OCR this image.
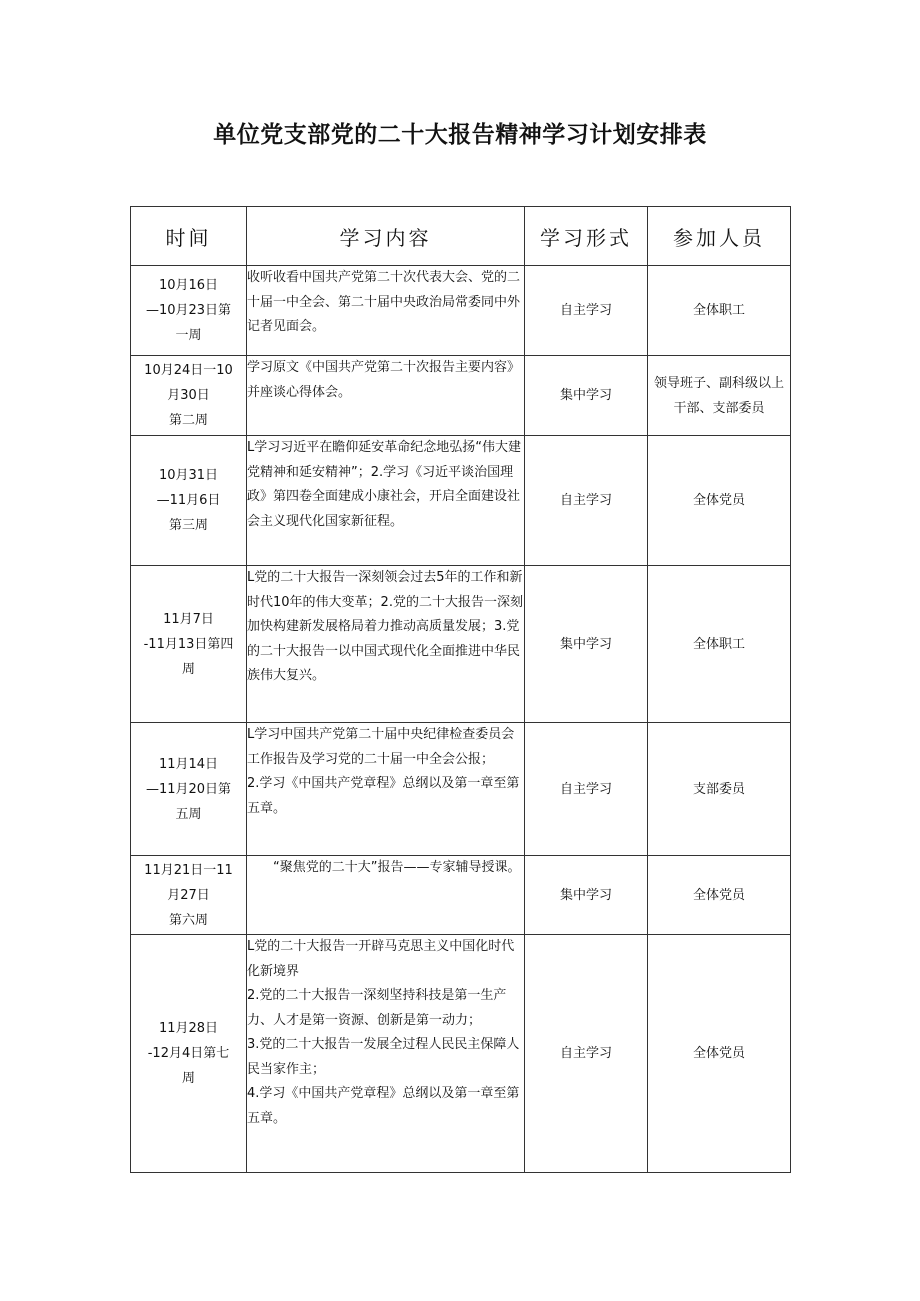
单位党支部党的二十大报告精神学习计划安排表
时间	学习内容	学习形式	参加人员

10月16日
—10月23日第
一周	收听收看中国共产党第二十次代表大会、党的二十届一中全会、第二十届中央政治局常委同中外记者见面会。	自主学习	全体职工

10月24日一10
月30日
第二周	学习原文《中国共产党第二十次报告主要内容》并座谈心得体会。	集中学习	领导班子、副科级以上干部、支部委员

10月31日
—11月6日
第三周	L学习习近平在瞻仰延安革命纪念地弘扬“伟大建党精神和延安精神”；2.学习《习近平谈治国理政》第四卷全面建成小康社会，开启全面建设社会主义现代化国家新征程。	自主学习	全体党员

11月7日
-11月13日第四
周	L党的二十大报告一深刻领会过去5年的工作和新时代10年的伟大变革；2.党的二十大报告一深刻加快构建新发展格局着力推动高质量发展；3.党的二十大报告一以中国式现代化全面推进中华民族伟大复兴。	集中学习	全体职工

11月14日
—11月20日第
五周	L学习中国共产党第二十届中央纪律检查委员会工作报告及学习党的二十届一中全会公报；
2.学习《中国共产党章程》总纲以及第一章至第五章。	自主学习	支部委员

11月21日一11
月27日
第六周	“聚焦党的二十大”报告——专家辅导授课。	集中学习	全体党员

11月28日
-12月4日第七
周	L党的二十大报告一开辟马克思主义中国化时代化新境界
2.党的二十大报告一深刻坚持科技是第一生产力、人才是第一资源、创新是第一动力；
3.党的二十大报告一发展全过程人民民主保障人民当家作主；
4.学习《中国共产党章程》总纲以及第一章至第五章。	自主学习	全体党员
